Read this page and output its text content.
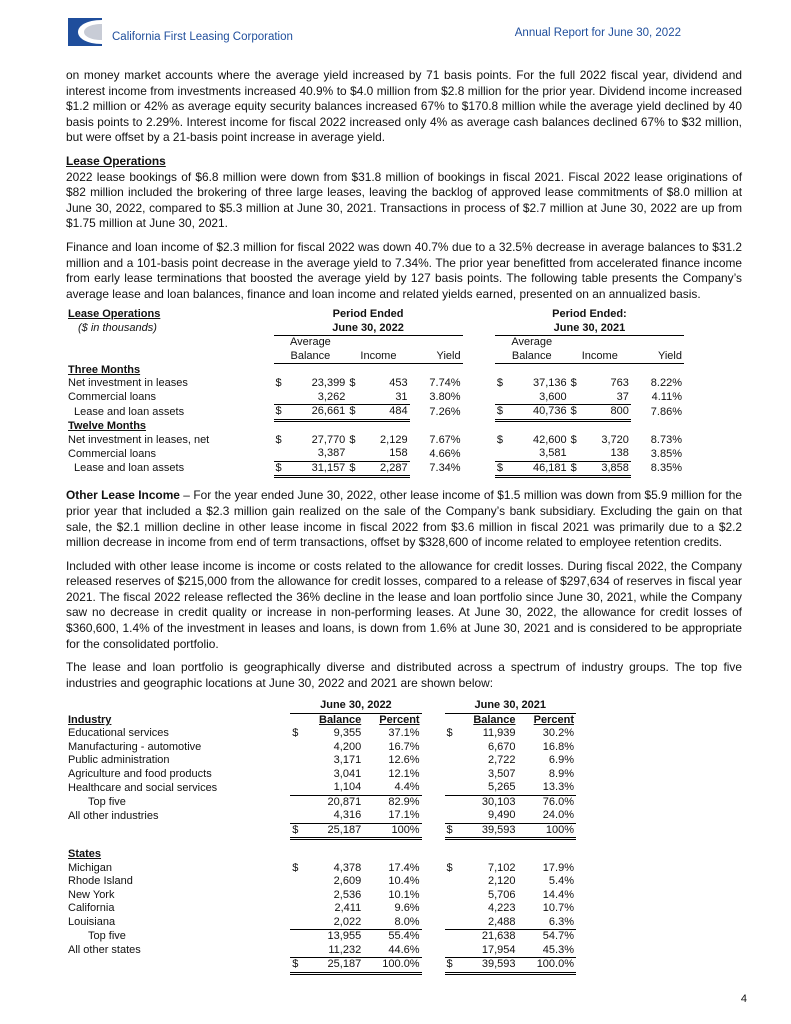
California First Leasing Corporation	Annual Report for June 30, 2022

on money market accounts where the average yield increased by 71 basis points. For the full 2022 fiscal year, dividend and interest income from investments increased 40.9% to $4.0 million from $2.8 million for the prior year. Dividend income increased $1.2 million or 42% as average equity security balances increased 67% to $170.8 million while the average yield declined by 40 basis points to 2.29%. Interest income for fiscal 2022 increased only 4% as average cash balances declined 67% to $32 million, but were offset by a 21-basis point increase in average yield.

Lease Operations

2022 lease bookings of $6.8 million were down from $31.8 million of bookings in fiscal 2021. Fiscal 2022 lease originations of $82 million included the brokering of three large leases, leaving the backlog of approved lease commitments of $8.0 million at June 30, 2022, compared to $5.3 million at June 30, 2021. Transactions in process of $2.7 million at June 30, 2022 are up from $1.75 million at June 30, 2021.

Finance and loan income of $2.3 million for fiscal 2022 was down 40.7% due to a 32.5% decrease in average balances to $31.2 million and a 101-basis point decrease in the average yield to 7.34%. The prior year benefitted from accelerated finance income from early lease terminations that boosted the average yield by 127 basis points. The following table presents the Company’s average lease and loan balances, finance and loan income and related yields earned, presented on an annualized basis.

Lease Operations	Period Ended						Period Ended:				
($ in thousands)	June 30, 2022						June 30, 2021				
	Average						Average				
	Balance		Income		Yield		Balance		Income		Yield
Three Months											
Net investment in leases	$	23,399	$	453	7.74%		$	37,136	$	763	8.22%
Commercial loans		3,262		31	3.80%			3,600		37	4.11%
Lease and loan assets	$	26,661	$	484	7.26%		$	40,736	$	800	7.86%
Twelve Months											
Net investment in leases, net	$	27,770	$	2,129	7.67%		$	42,600	$	3,720	8.73%
Commercial loans		3,387		158	4.66%			3,581		138	3.85%
Lease and loan assets	$	31,157	$	2,287	7.34%		$	46,181	$	3,858	8.35%

Other Lease Income – For the year ended June 30, 2022, other lease income of $1.5 million was down from $5.9 million for the prior year that included a $2.3 million gain realized on the sale of the Company’s bank subsidiary. Excluding the gain on that sale, the $2.1 million decline in other lease income in fiscal 2022 from $3.6 million in fiscal 2021 was primarily due to a $2.2 million decrease in income from end of term transactions, offset by $328,600 of income related to employee retention credits.

Included with other lease income is income or costs related to the allowance for credit losses. During fiscal 2022, the Company released reserves of $215,000 from the allowance for credit losses, compared to a release of $297,634 of reserves in fiscal year 2021. The fiscal 2022 release reflected the 36% decline in the lease and loan portfolio since June 30, 2021, while the Company saw no decrease in credit quality or increase in non-performing leases. At June 30, 2022, the allowance for credit losses of $360,600, 1.4% of the investment in leases and loans, is down from 1.6% at June 30, 2021 and is considered to be appropriate for the consolidated portfolio.

The lease and loan portfolio is geographically diverse and distributed across a spectrum of industry groups. The top five industries and geographic locations at June 30, 2022 and 2021 are shown below:

	June 30, 2022				June 30, 2021		
Industry	Balance		Percent		Balance		Percent
Educational services	$	9,355	37.1%		$	11,939	30.2%
Manufacturing - automotive		4,200	16.7%			6,670	16.8%
Public administration		3,171	12.6%			2,722	6.9%
Agriculture and food products		3,041	12.1%			3,507	8.9%
Healthcare and social services		1,104	4.4%			5,265	13.3%
Top five		20,871	82.9%			30,103	76.0%
All other industries		4,316	17.1%			9,490	24.0%
	$	25,187	100%		$	39,593	100%

States							
Michigan	$	4,378	17.4%		$	7,102	17.9%
Rhode Island		2,609	10.4%			2,120	5.4%
New York		2,536	10.1%			5,706	14.4%
California		2,411	9.6%			4,223	10.7%
Louisiana		2,022	8.0%			2,488	6.3%
Top five		13,955	55.4%			21,638	54.7%
All other states		11,232	44.6%			17,954	45.3%
	$	25,187	100.0%		$	39,593	100.0%
4
